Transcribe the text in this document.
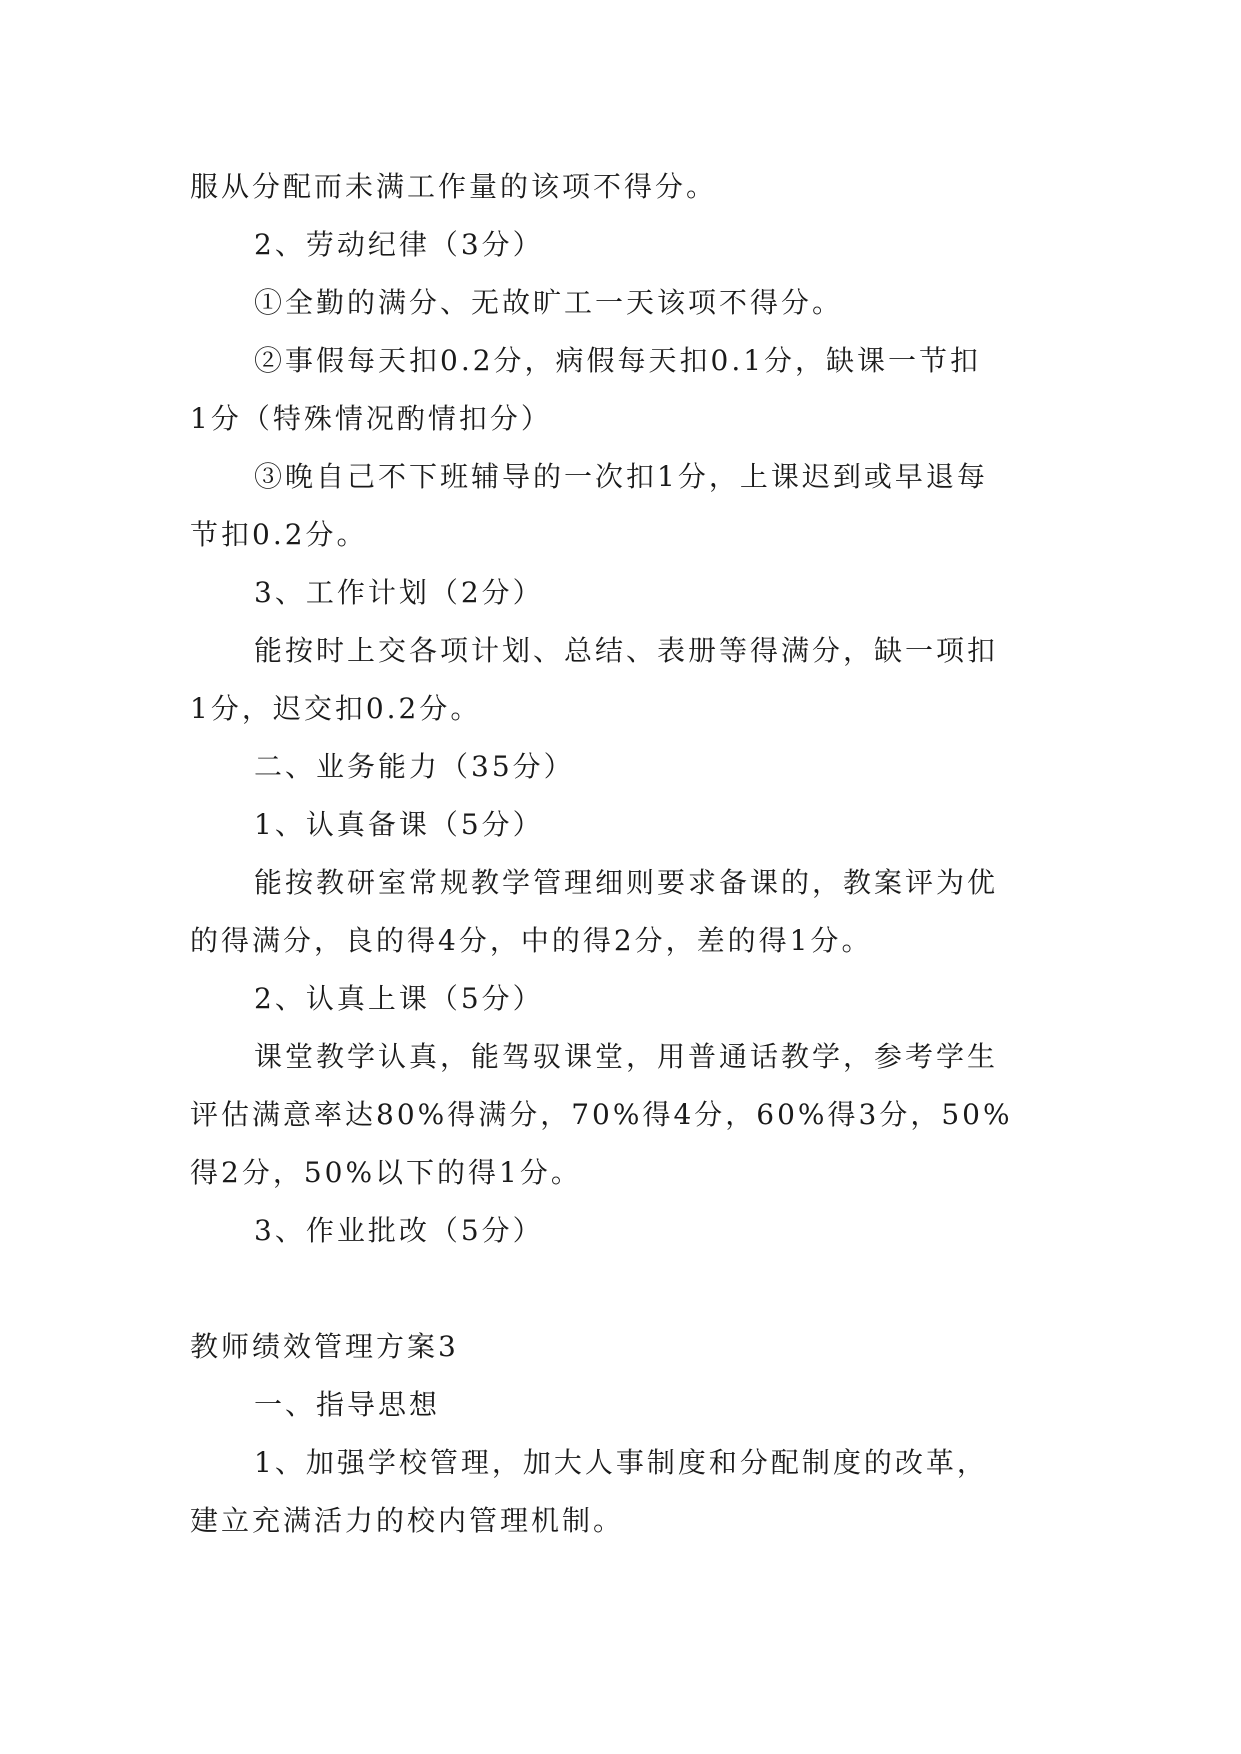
服从分配而未满工作量的该项不得分。

2、劳动纪律（3分）

①全勤的满分、无故旷工一天该项不得分。

②事假每天扣0.2分，病假每天扣0.1分，缺课一节扣

1分（特殊情况酌情扣分）

③晚自己不下班辅导的一次扣1分，上课迟到或早退每

节扣0.2分。

3、工作计划（2分）

能按时上交各项计划、总结、表册等得满分，缺一项扣

1分，迟交扣0.2分。

二、业务能力（35分）

1、认真备课（5分）

能按教研室常规教学管理细则要求备课的，教案评为优

的得满分，良的得4分，中的得2分，差的得1分。

2、认真上课（5分）

课堂教学认真，能驾驭课堂，用普通话教学，参考学生

评估满意率达80%得满分，70%得4分，60%得3分，50%

得2分，50%以下的得1分。

3、作业批改（5分）

教师绩效管理方案3

一、指导思想

1、加强学校管理，加大人事制度和分配制度的改革，

建立充满活力的校内管理机制。
